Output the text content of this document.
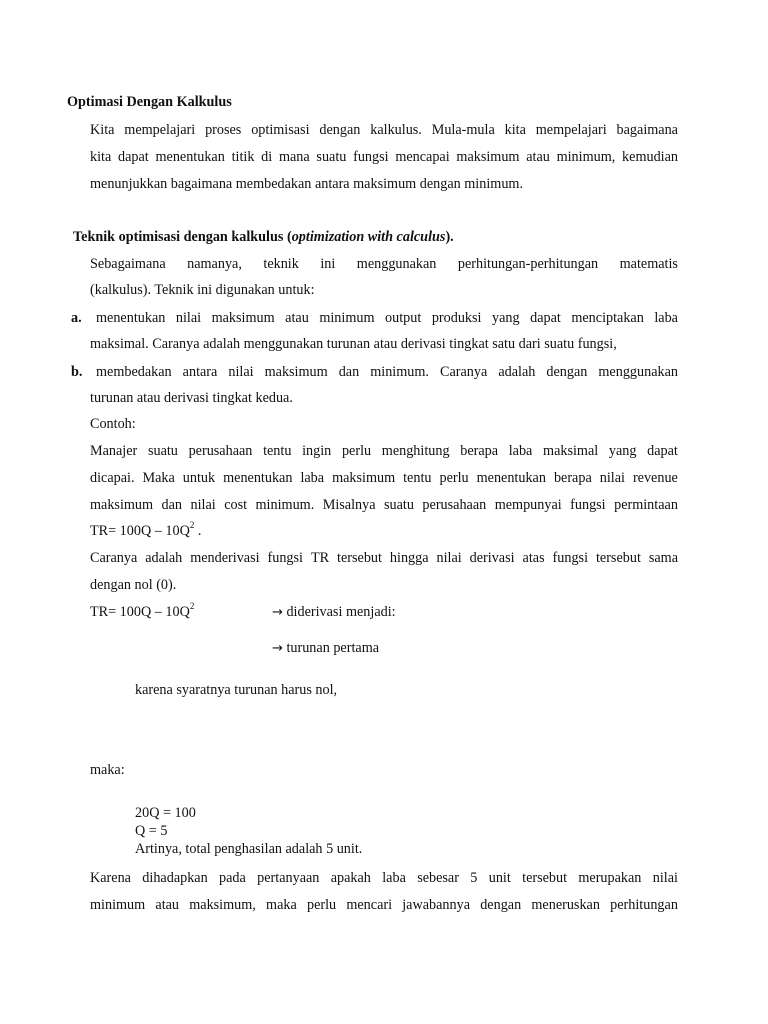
Optimasi Dengan Kalkulus
Kita mempelajari proses optimisasi dengan kalkulus. Mula-mula kita mempelajari bagaimana
kita dapat menentukan titik di mana suatu fungsi mencapai maksimum atau minimum, kemudian
menunjukkan bagaimana membedakan antara maksimum dengan minimum.
Teknik optimisasi dengan kalkulus (optimization with calculus).
Sebagaimana namanya, teknik ini menggunakan perhitungan-perhitungan matematis
(kalkulus). Teknik ini digunakan untuk:
a. menentukan nilai maksimum atau minimum output produksi yang dapat menciptakan laba
maksimal. Caranya adalah menggunakan turunan atau derivasi tingkat satu dari suatu fungsi,
b. membedakan antara nilai maksimum dan minimum. Caranya adalah dengan menggunakan
turunan atau derivasi tingkat kedua.
Contoh:
Manajer suatu perusahaan tentu ingin perlu menghitung berapa laba maksimal yang dapat
dicapai. Maka untuk menentukan laba maksimum tentu perlu menentukan berapa nilai revenue
maksimum dan nilai cost minimum. Misalnya suatu perusahaan mempunyai fungsi permintaan
$TR= 100Q - 10Q^2$ .
Caranya adalah menderivasi fungsi TR tersebut hingga nilai derivasi atas fungsi tersebut sama
dengan nol (0).
$TR= 100Q - 10Q^2$	→ diderivasi menjadi:
→ turunan pertama
karena syaratnya turunan harus nol,
maka:
20Q = 100
Q = 5
Artinya, total penghasilan adalah 5 unit.
Karena dihadapkan pada pertanyaan apakah laba sebesar 5 unit tersebut merupakan nilai
minimum atau maksimum, maka perlu mencari jawabannya dengan meneruskan perhitungan
